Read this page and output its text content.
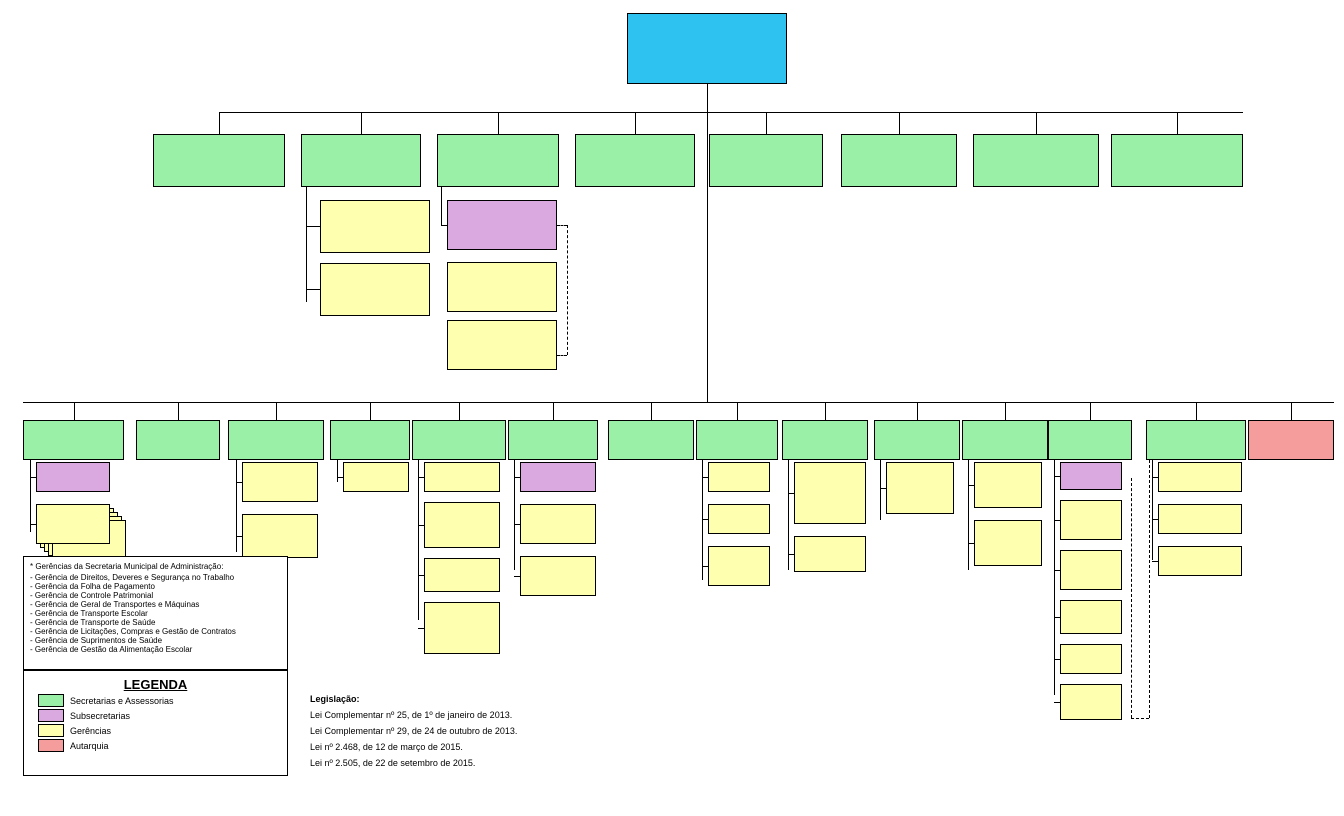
* Gerências da Secretaria Municipal de Administração:
- Gerência de Direitos, Deveres e Segurança no Trabalho
- Gerência da Folha de Pagamento
- Gerência de Controle Patrimonial
- Gerência de Geral de Transportes e Máquinas
- Gerência de Transporte Escolar
- Gerência de Transporte de Saúde
- Gerência de Licitações, Compras e Gestão de Contratos
- Gerência de Suprimentos de Saúde
- Gerência de Gestão da Alimentação Escolar
LEGENDA
Secretarias e Assessorias
Subsecretarias
Gerências
Autarquia
Legislação:

Lei Complementar nº 25, de 1º de janeiro de 2013.

Lei Complementar nº 29, de 24 de outubro de 2013.

Lei nº 2.468, de 12 de março de 2015.

Lei nº 2.505, de 22 de setembro de 2015.
